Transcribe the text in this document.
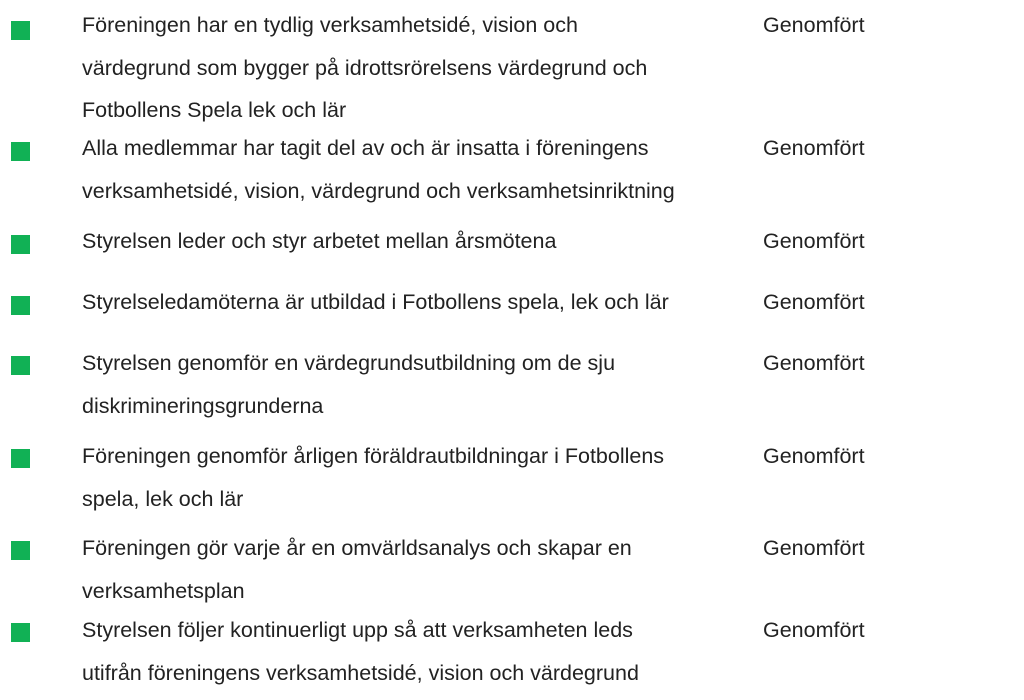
Föreningen har en tydlig verksamhetsidé, vision och
värdegrund som bygger på idrottsrörelsens värdegrund och
Fotbollens Spela lek och lär
Genomfört
Alla medlemmar har tagit del av och är insatta i föreningens
verksamhetsidé, vision, värdegrund och verksamhetsinriktning
Genomfört
Styrelsen leder och styr arbetet mellan årsmötena	Genomfört
Styrelseledamöterna är utbildad i Fotbollens spela, lek och lär	Genomfört
Styrelsen genomför en värdegrundsutbildning om de sju
diskrimineringsgrunderna
Genomfört
Föreningen genomför årligen föräldrautbildningar i Fotbollens
spela, lek och lär
Genomfört
Föreningen gör varje år en omvärldsanalys och skapar en
verksamhetsplan
Genomfört
Styrelsen följer kontinuerligt upp så att verksamheten leds
utifrån föreningens verksamhetsidé, vision och värdegrund
Genomfört
